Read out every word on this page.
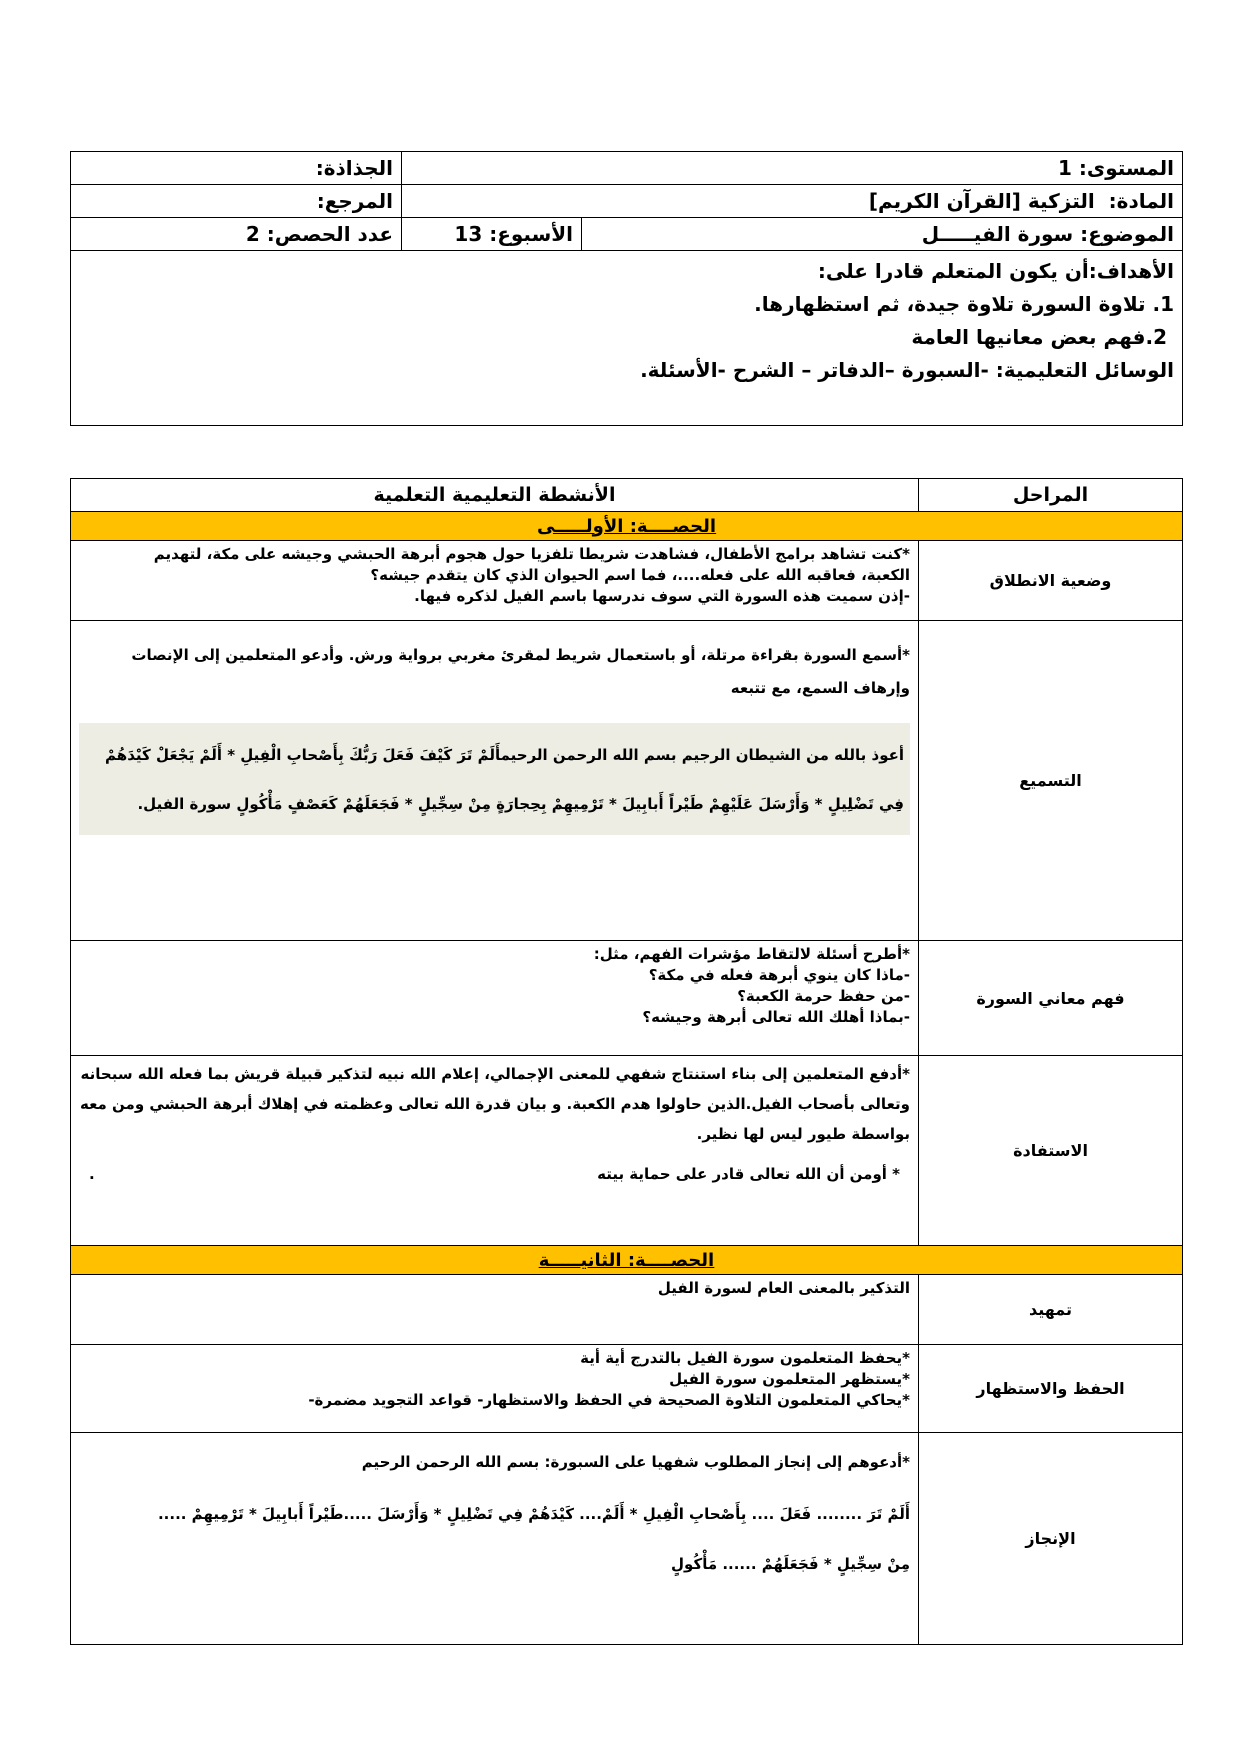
المستوى: 1		الجذاذة:
المادة:  التزكية [القرآن الكريم]		المرجع:
الموضوع: سورة الفيـــــل	الأسبوع: 13	عدد الحصص: 2

الأهداف:أن يكون المتعلم قادرا على:
1. تلاوة السورة تلاوة جيدة، ثم استظهارها.
2.فهم بعض معانيها العامة
الوسائل التعليمية: -السبورة –الدفاتر – الشرح -الأسئلة.		
المراحل	الأنشطة التعليمية التعلمية
الحصــــة: الأولـــــى	
وضعية الانطلاق	*كنت تشاهد برامج الأطفال، فشاهدت شريطا تلفزيا حول هجوم أبرهة الحبشي وجيشه على مكة، لتهديم
الكعبة، فعاقبه الله على فعله....، فما اسم الحيوان الذي كان يتقدم جيشه؟
-إذن سميت هذه السورة التي سوف ندرسها باسم الفيل لذكره فيها.

التسميع	*أسمع السورة بقراءة مرتلة، أو باستعمال شريط لمقرئ مغربي برواية ورش. وأدعو المتعلمين إلى الإنصات وإرهاف السمع، مع تتبعه
أعوذ بالله من الشيطان الرجيم بسم الله الرحمن الرحيمأَلَمْ تَرَ كَيْفَ فَعَلَ رَبُّكَ بِأَصْحابِ الْفِيلِ * أَلَمْ يَجْعَلْ كَيْدَهُمْ فِي تَضْلِيلٍ * وَأَرْسَلَ عَلَيْهِمْ طَيْراً أَبابِيلَ * تَرْمِيهِمْ بِحِجارَةٍ مِنْ سِجِّيلٍ * فَجَعَلَهُمْ كَعَصْفٍ مَأْكُولٍ سورة الفيل.

فهم معاني السورة	*أطرح أسئلة لالتقاط مؤشرات الفهم، مثل:
-ماذا كان ينوي أبرهة فعله في مكة؟
-من حفظ حرمة الكعبة؟
-بماذا أهلك الله تعالى أبرهة وجيشه؟

الاستفادة	*أدفع المتعلمين إلى بناء استنتاج شفهي للمعنى الإجمالي، إعلام الله نبيه لتذكير قبيلة قريش بما فعله الله سبحانه وتعالى بأصحاب الفيل.الذين حاولوا هدم الكعبة. و بيان قدرة الله تعالى وعظمته في إهلاك أبرهة الحبشي ومن معه بواسطة طيور ليس لها نظير.
* أومن أن الله تعالى قادر على حماية بيته
.

الحصــــة: الثانيـــــة	
تمهيد	التذكير بالمعنى العام لسورة الفيل

الحفظ والاستظهار	*يحفظ المتعلمون سورة الفيل بالتدرج أية أية
*يستظهر المتعلمون سورة الفيل
*يحاكي المتعلمون التلاوة الصحيحة في الحفظ والاستظهار- قواعد التجويد مضمرة-

الإنجاز	*أدعوهم إلى إنجاز المطلوب شفهيا على السبورة: بسم الله الرحمن الرحيم
أَلَمْ تَرَ ........ فَعَلَ .... بِأَصْحابِ الْفِيلِ * أَلَمْ.... كَيْدَهُمْ فِي تَضْلِيلٍ * وَأَرْسَلَ .....طَيْراً أَبابِيلَ * تَرْمِيهِمْ .....
مِنْ سِجِّيلٍ * فَجَعَلَهُمْ ...... مَأْكُولٍ
